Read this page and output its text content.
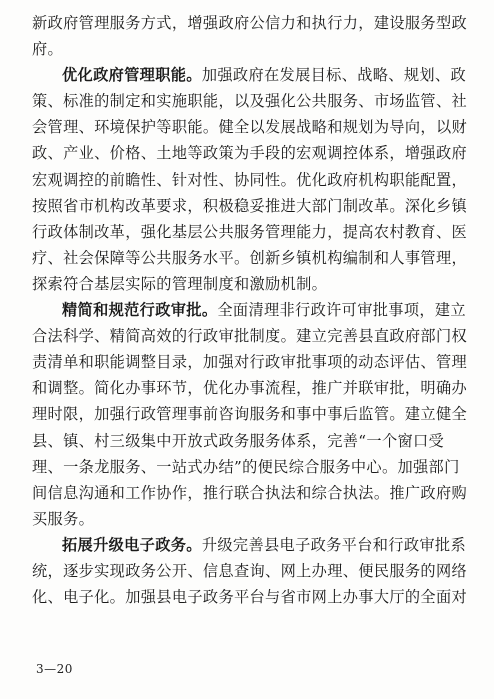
新政府管理服务方式，增强政府公信力和执行力，建设服务型政
府。
优化政府管理职能。加强政府在发展目标、战略、规划、政
策、标准的制定和实施职能，以及强化公共服务、市场监管、社
会管理、环境保护等职能。健全以发展战略和规划为导向，以财
政、产业、价格、土地等政策为手段的宏观调控体系，增强政府
宏观调控的前瞻性、针对性、协同性。优化政府机构职能配置，
按照省市机构改革要求，积极稳妥推进大部门制改革。深化乡镇
行政体制改革，强化基层公共服务管理能力，提高农村教育、医
疗、社会保障等公共服务水平。创新乡镇机构编制和人事管理，
探索符合基层实际的管理制度和激励机制。
精简和规范行政审批。全面清理非行政许可审批事项，建立
合法科学、精简高效的行政审批制度。建立完善县直政府部门权
责清单和职能调整目录，加强对行政审批事项的动态评估、管理
和调整。简化办事环节，优化办事流程，推广并联审批，明确办
理时限，加强行政管理事前咨询服务和事中事后监管。建立健全
县、镇、村三级集中开放式政务服务体系，完善“一个窗口受
理、一条龙服务、一站式办结”的便民综合服务中心。加强部门
间信息沟通和工作协作，推行联合执法和综合执法。推广政府购
买服务。
拓展升级电子政务。升级完善县电子政务平台和行政审批系
统，逐步实现政务公开、信息查询、网上办理、便民服务的网络
化、电子化。加强县电子政务平台与省市网上办事大厅的全面对
3—20
